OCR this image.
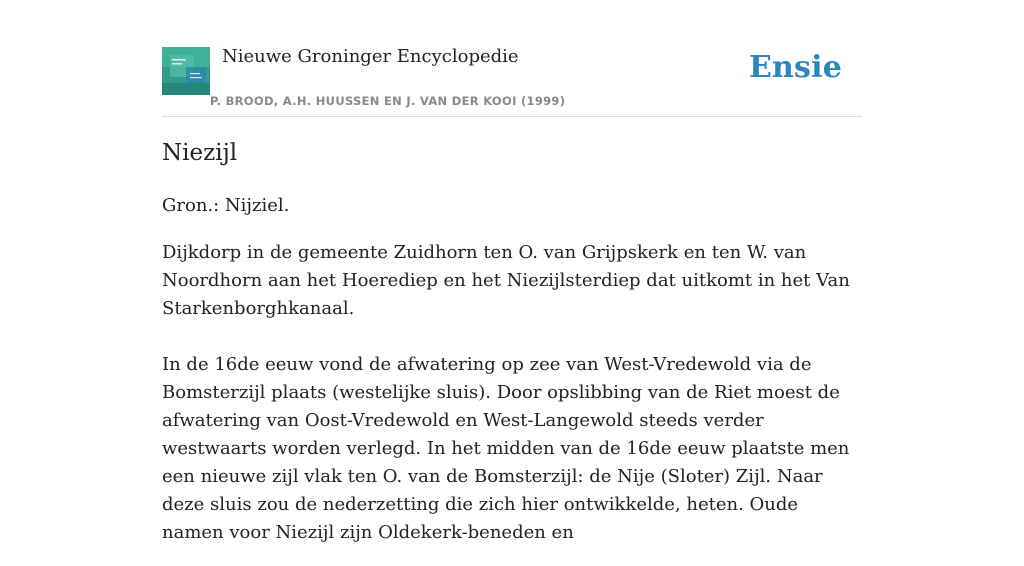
Nieuwe Groninger Encyclopedie
P. BROOD, A.H. HUUSSEN EN J. VAN DER KOOI (1999)
Ensie
Niezijl

Gron.: Nijziel.

Dijkdorp in de gemeente Zuidhorn ten O. van Grijpskerk en ten W. van Noordhorn aan het Hoerediep en het Niezijlsterdiep dat uitkomt in het Van Starkenborghkanaal.

In de 16de eeuw vond de afwatering op zee van West-Vredewold via de Bomsterzijl plaats (westelijke sluis). Door opslibbing van de Riet moest de afwatering van Oost-Vredewold en West-Langewold steeds verder westwaarts worden verlegd. In het midden van de 16de eeuw plaatste men een nieuwe zijl vlak ten O. van de Bomsterzijl: de Nije (Sloter) Zijl. Naar deze sluis zou de nederzetting die zich hier ontwikkelde, heten. Oude namen voor Niezijl zijn Oldekerk-beneden en
